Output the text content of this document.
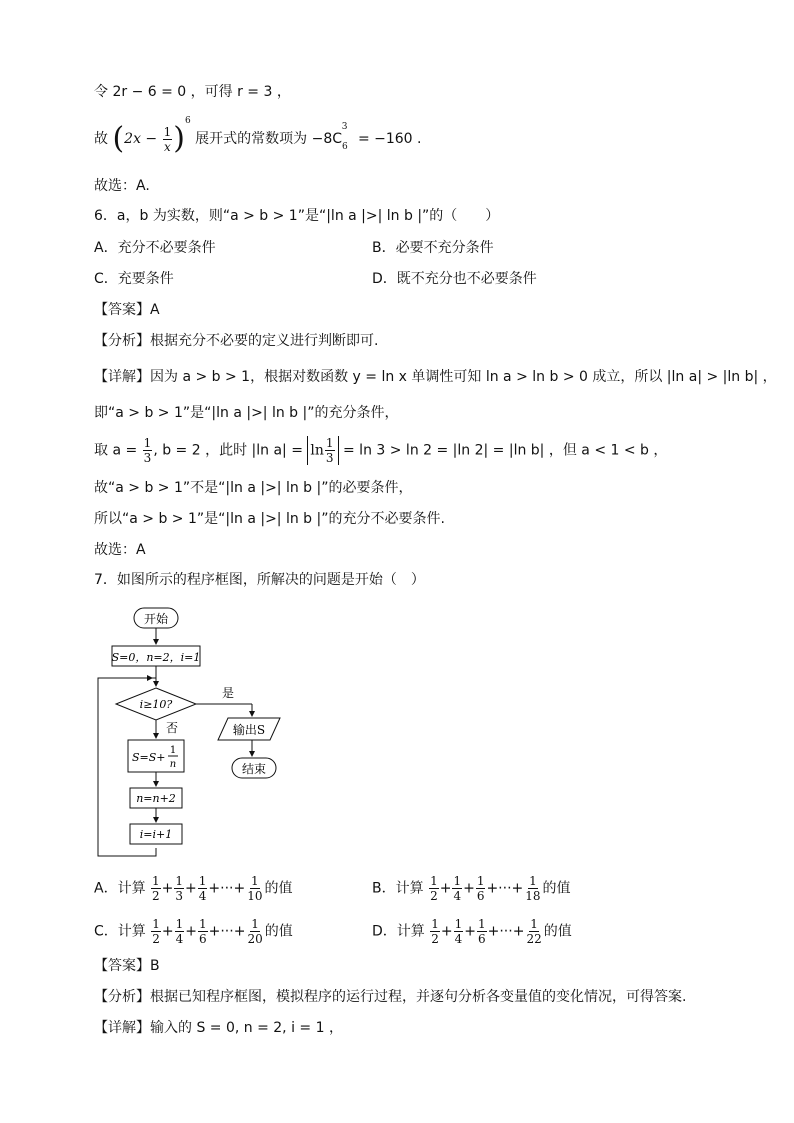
令 2r − 6 = 0 ，可得 r = 3 ，
故 $(2x - \frac{1}{x} )^6$ 展开式的常数项为 $-8C_6^3 = -160$ .
故选：A.
6．a，b 为实数，则“a > b > 1”是“|ln a |>| ln b |”的（　　）
A．充分不必要条件	B．必要不充分条件
C．充要条件	D．既不充分也不必要条件
【答案】A
【分析】根据充分不必要的定义进行判断即可.
【详解】因为 a > b > 1，根据对数函数 y = ln x 单调性可知 ln a > ln b > 0 成立，所以 |ln a| > |ln b| ，
即“a > b > 1”是“|ln a |>| ln b |”的充分条件，
取 $a = \frac{1}{3}$ , b = 2 ，此时 |ln $a| = \ln \frac{1}{3} = \ln 3 > \ln 2 = |\ln$ 2| = |ln b| ，但 a < 1 < b ，
故“a > b > 1”不是“|ln a |>| ln b |”的必要条件，
所以“a > b > 1”是“|ln a |>| ln b |”的充分不必要条件.
故选：A
7．如图所示的程序框图，所解决的问题是开始（　）
开始
S=0，n=2，i=1
i≥10?
是
输出S
结束
否
S=S+
1
n
n=n+2
i=i+1
A．计算 $\frac{1}{2} + \frac{1}{3} + \frac{1}{4}$ +···+ $\frac{1}{10}$ 的值	B．计算 $\frac{1}{2} + \frac{1}{4} + \frac{1}{6}$ +···+ $\frac{1}{18}$ 的值
C．计算 $\frac{1}{2} + \frac{1}{4} + \frac{1}{6}$ +···+ $\frac{1}{20}$ 的值	D．计算 $\frac{1}{2} + \frac{1}{4} + \frac{1}{6}$ +···+ $\frac{1}{22}$ 的值
【答案】B
【分析】根据已知程序框图，模拟程序的运行过程，并逐句分析各变量值的变化情况，可得答案.
【详解】输入的 S = 0, n = 2, i = 1 ，
